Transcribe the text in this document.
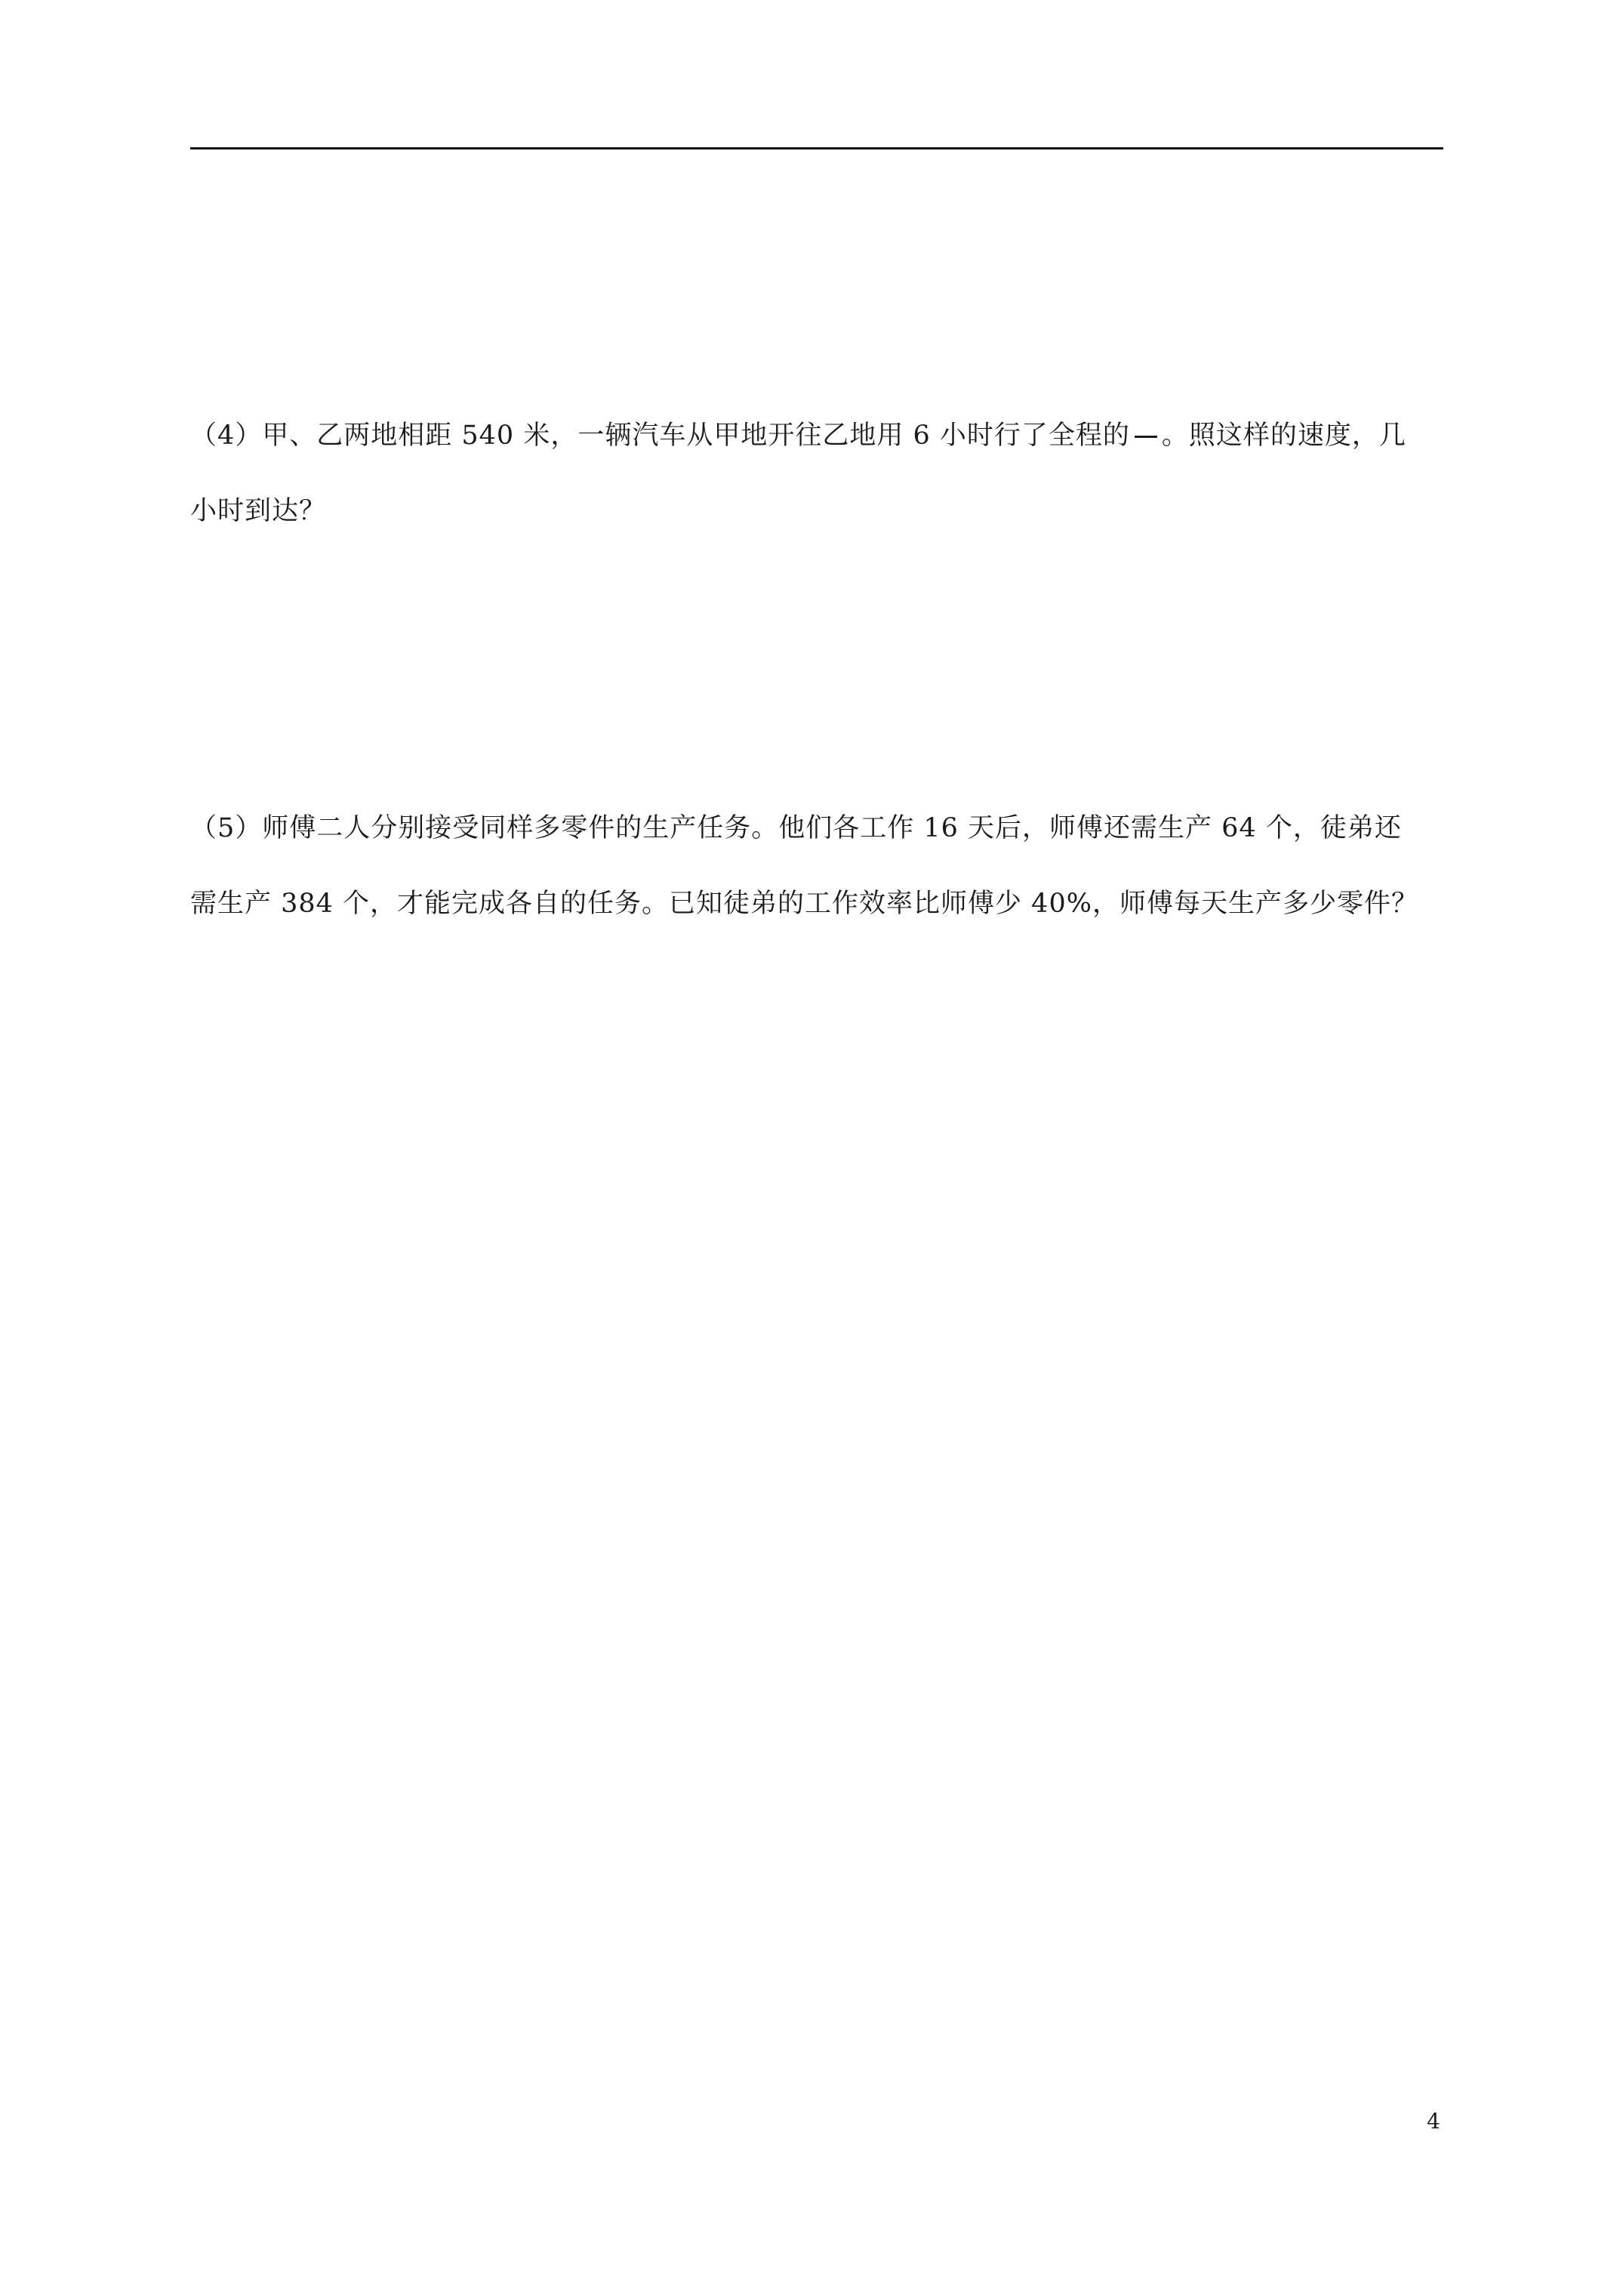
（4）甲、乙两地相距 540 米，一辆汽车从甲地开往乙地用 6 小时行了全程的 。照这样的速度，几
小时到达？
（5）师傅二人分别接受同样多零件的生产任务。他们各工作 16 天后，师傅还需生产 64 个，徒弟还
需生产 384 个，才能完成各自的任务。已知徒弟的工作效率比师傅少 40%，师傅每天生产多少零件？
4
